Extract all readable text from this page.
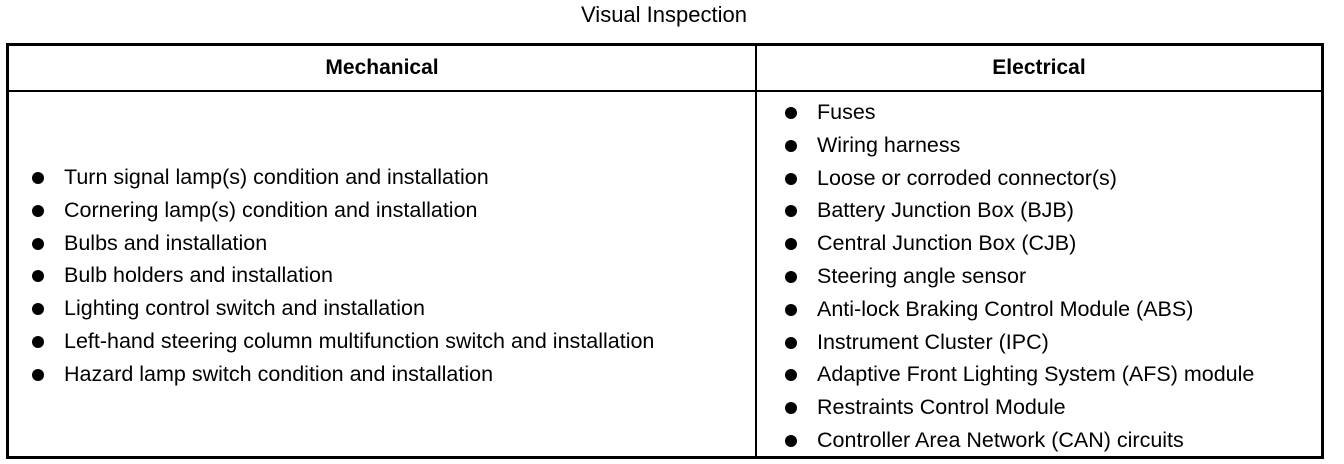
Visual Inspection
Mechanical	Electrical
Turn signal lamp(s) condition and installation
Cornering lamp(s) condition and installation
Bulbs and installation
Bulb holders and installation
Lighting control switch and installation
Left-hand steering column multifunction switch and installation
Hazard lamp switch condition and installation
Fuses
Wiring harness
Loose or corroded connector(s)
Battery Junction Box (BJB)
Central Junction Box (CJB)
Steering angle sensor
Anti-lock Braking Control Module (ABS)
Instrument Cluster (IPC)
Adaptive Front Lighting System (AFS) module
Restraints Control Module
Controller Area Network (CAN) circuits
